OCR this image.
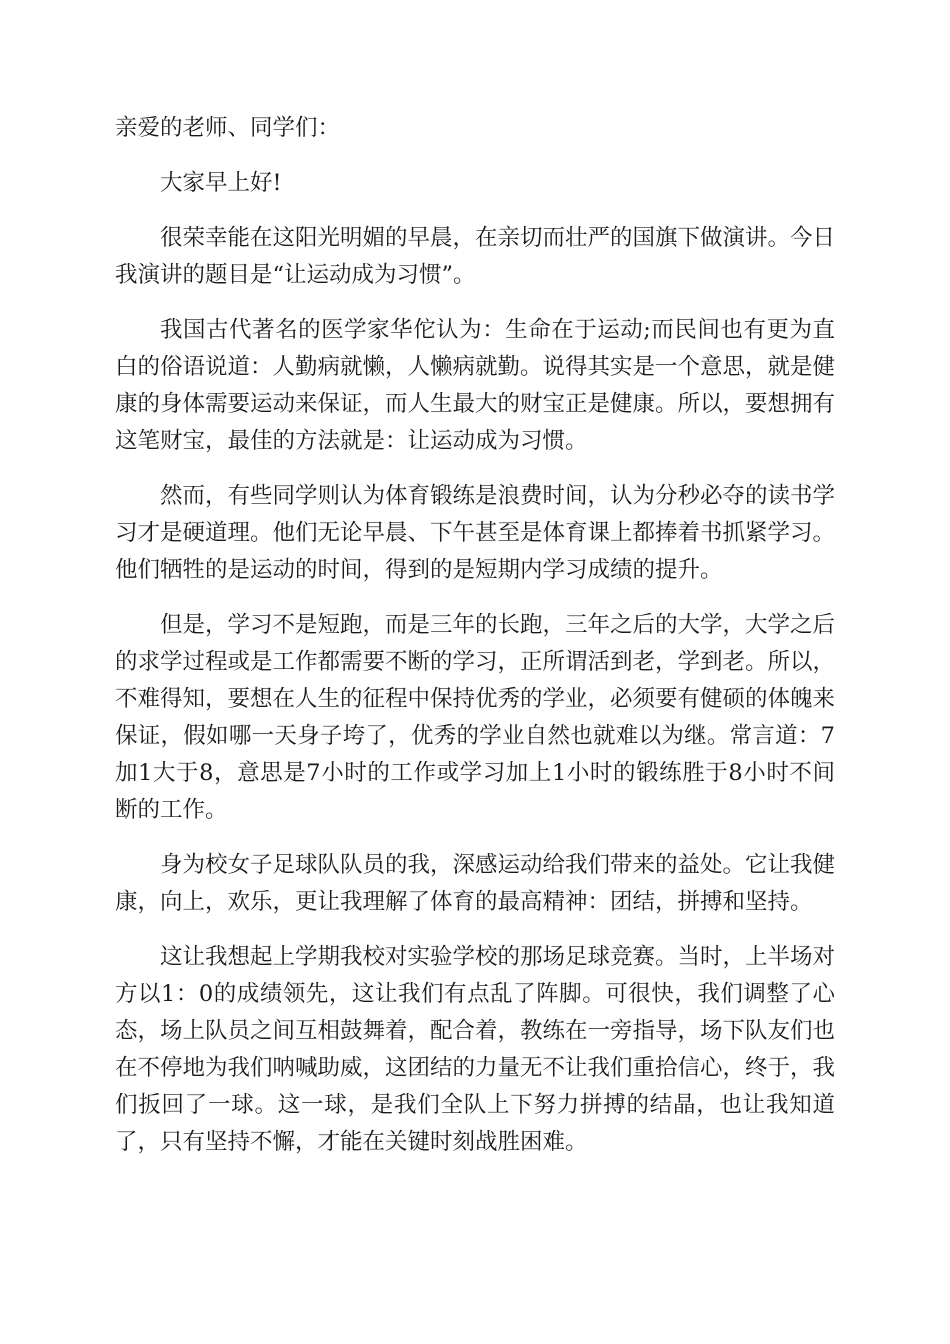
亲爱的老师、同学们：

大家早上好!

很荣幸能在这阳光明媚的早晨，在亲切而壮严的国旗下做演讲。今日我演讲的题目是“让运动成为习惯”。

我国古代著名的医学家华佗认为：生命在于运动;而民间也有更为直白的俗语说道：人勤病就懒，人懒病就勤。说得其实是一个意思，就是健康的身体需要运动来保证，而人生最大的财宝正是健康。所以，要想拥有这笔财宝，最佳的方法就是：让运动成为习惯。

然而，有些同学则认为体育锻练是浪费时间，认为分秒必夺的读书学习才是硬道理。他们无论早晨、下午甚至是体育课上都捧着书抓紧学习。他们牺牲的是运动的时间，得到的是短期内学习成绩的提升。

但是，学习不是短跑，而是三年的长跑，三年之后的大学，大学之后的求学过程或是工作都需要不断的学习，正所谓活到老，学到老。所以，不难得知，要想在人生的征程中保持优秀的学业，必须要有健硕的体魄来保证，假如哪一天身子垮了，优秀的学业自然也就难以为继。常言道：7加1大于8，意思是7小时的工作或学习加上1小时的锻练胜于8小时不间断的工作。

身为校女子足球队队员的我，深感运动给我们带来的益处。它让我健康，向上，欢乐，更让我理解了体育的最高精神：团结，拼搏和坚持。

这让我想起上学期我校对实验学校的那场足球竞赛。当时，上半场对方以1：0的成绩领先，这让我们有点乱了阵脚。可很快，我们调整了心态，场上队员之间互相鼓舞着，配合着，教练在一旁指导，场下队友们也在不停地为我们呐喊助威，这团结的力量无不让我们重拾信心，终于，我们扳回了一球。这一球，是我们全队上下努力拼搏的结晶，也让我知道了，只有坚持不懈，才能在关键时刻战胜困难。
